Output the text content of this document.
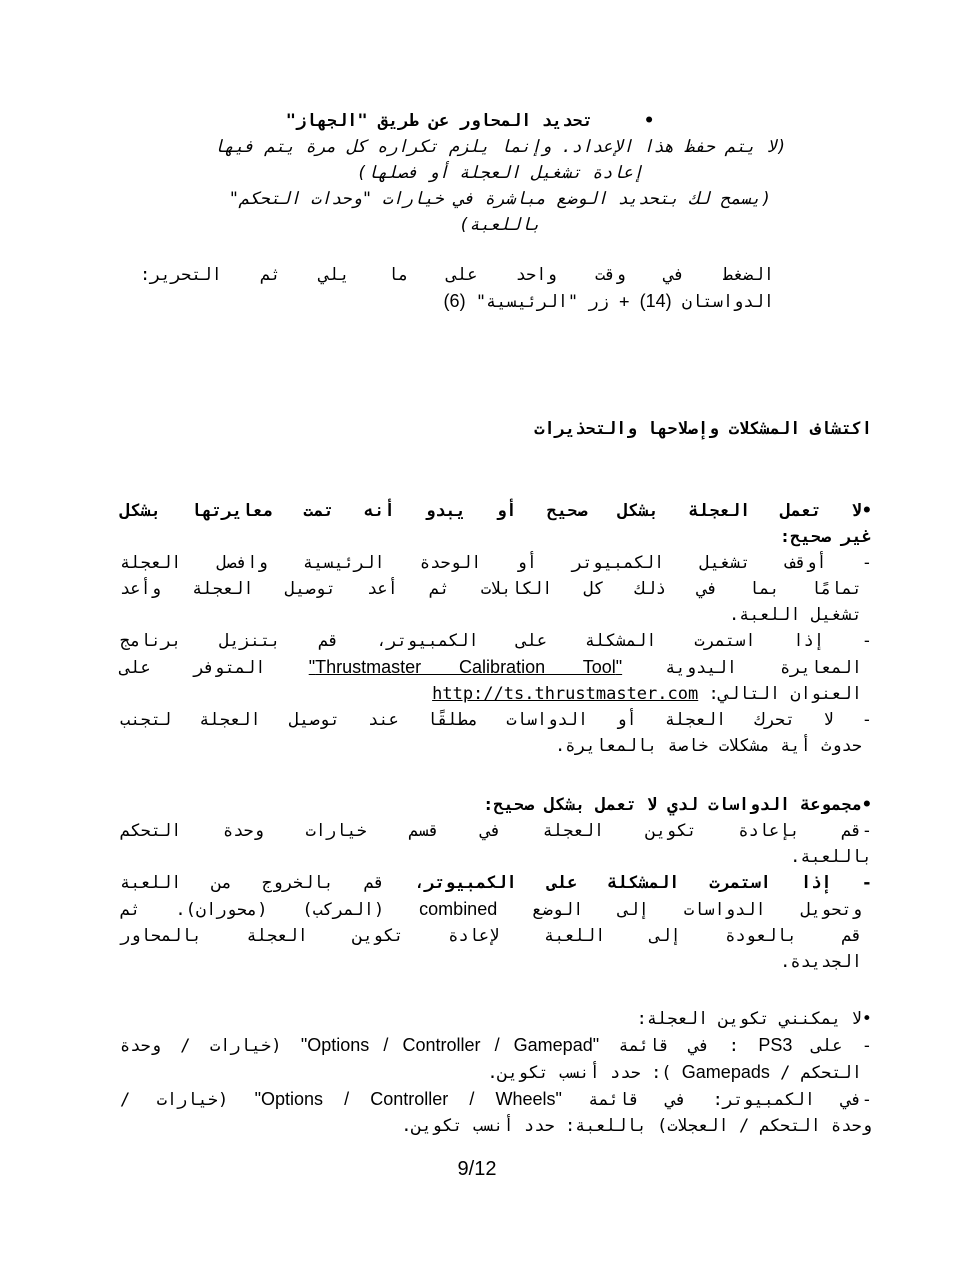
•     تحديد المحاور عن طريق "الجهاز"
(لا يتم حفظ هذا الإعداد. وإنما يلزم تكراره كل مرة يتم فيها
إعادة تشغيل العجلة أو فصلها)
(يسمح لك بتحديد الوضع مباشرة في خيارات "وحدات التحكم"
باللعبة)
الضغط في وقت واحد على ما يلي ثم التحرير:
الدواستان (14) + زر "الرئيسية" (6)
اكتشاف المشكلات وإصلاحها والتحذيرات
•لا تعمل العجلة بشكل صحيح أو يبدو أنه تمت معايرتها بشكل
غير صحيح:
- أوقف تشغيل الكمبيوتر أو الوحدة الرئيسية وافصل العجلة
تمامًا بما في ذلك كل الكابلات ثم أعد توصيل العجلة وأعد
تشغيل اللعبة.
- إذا استمرت المشكلة على الكمبيوتر، قم بتنزيل برنامج
المعايرة اليدوية "Thrustmaster Calibration Tool" المتوفر على
العنوان التالي: http://ts.thrustmaster.com
- لا تحرك العجلة أو الدواسات مطلقًا عند توصيل العجلة لتجنب
حدوث أية مشكلات خاصة بالمعايرة.
•مجموعة الدواسات لدي لا تعمل بشكل صحيح:
-قم بإعادة تكوين العجلة في قسم خيارات وحدة التحكم
باللعبة.
- إذا استمرت المشكلة على الكمبيوتر، قم بالخروج من اللعبة
وتحويل الدواسات إلى الوضع combined (المركب) (محوران). ثم
قم بالعودة إلى اللعبة لإعادة تكوين العجلة بالمحاور
الجديدة.
•لا يمكنني تكوين العجلة:
- على PS3 : في قائمة "Options / Controller / Gamepad" (خيارات / وحدة
التحكم / Gamepads ): حدد أنسب تكوين.
-في الكمبيوتر: في قائمة "Options / Controller / Wheels" (خيارات /
وحدة التحكم / العجلات) باللعبة: حدد أنسب تكوين.
9/12
